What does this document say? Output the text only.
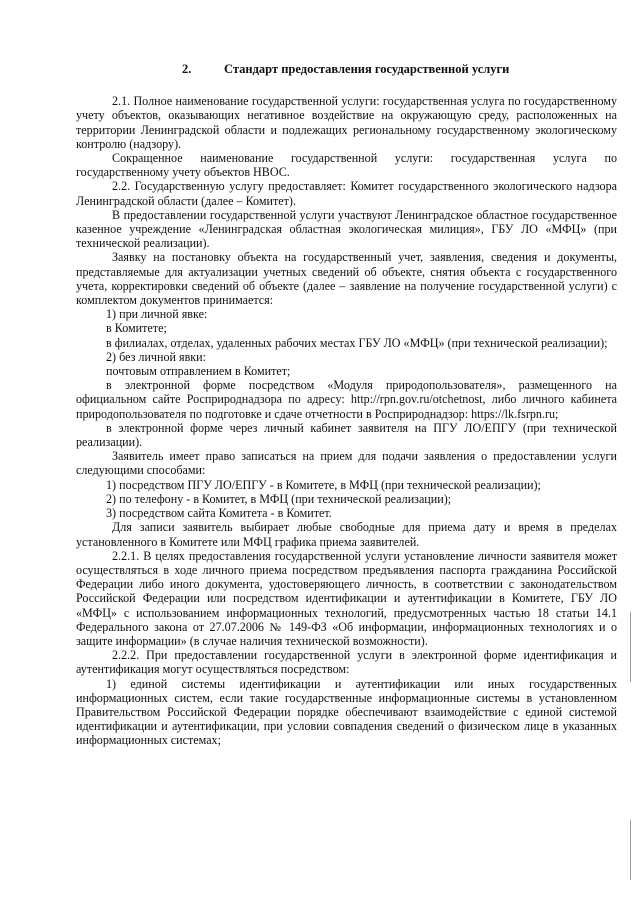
2.	Стандарт предоставления государственной услуги

2.1. Полное наименование государственной услуги: государственная услуга по государственному учету объектов, оказывающих негативное воздействие на окружающую среду, расположенных на территории Ленинградской области и подлежащих региональному государственному экологическому контролю (надзору).

Сокращенное наименование государственной услуги: государственная услуга по государственному учету объектов НВОС.

2.2. Государственную услугу предоставляет: Комитет государственного экологического надзора Ленинградской области (далее – Комитет).

В предоставлении государственной услуги участвуют Ленинградское областное государственное казенное учреждение «Ленинградская областная экологическая милиция», ГБУ ЛО «МФЦ» (при технической реализации).

Заявку на постановку объекта на государственный учет, заявления, сведения и документы, представляемые для актуализации учетных сведений об объекте, снятия объекта с государственного учета, корректировки сведений об объекте (далее – заявление на получение государственной услуги) с комплектом документов принимается:

1) при личной явке:

в Комитете;

в филиалах, отделах, удаленных рабочих местах ГБУ ЛО «МФЦ» (при технической реализации);

2) без личной явки:

почтовым отправлением в Комитет;

в электронной форме посредством «Модуля природопользователя», размещенного на официальном сайте Росприроднадзора по адресу: http://rpn.gov.ru/otchetnost, либо личного кабинета природопользователя по подготовке и сдаче отчетности в Росприроднадзор: https://lk.fsrpn.ru;

в электронной форме через личный кабинет заявителя на ПГУ ЛО/ЕПГУ (при технической реализации).

Заявитель имеет право записаться на прием для подачи заявления о предоставлении услуги следующими способами:

1) посредством ПГУ ЛО/ЕПГУ - в Комитете, в МФЦ (при технической реализации);

2) по телефону - в Комитет, в МФЦ (при технической реализации);

3) посредством сайта Комитета - в Комитет.

Для записи заявитель выбирает любые свободные для приема дату и время в пределах установленного в Комитете или МФЦ графика приема заявителей.

2.2.1. В целях предоставления государственной услуги установление личности заявителя может осуществляться в ходе личного приема посредством предъявления паспорта гражданина Российской Федерации либо иного документа, удостоверяющего личность, в соответствии с законодательством Российской Федерации или посредством идентификации и аутентификации в Комитете, ГБУ ЛО «МФЦ» с использованием информационных технологий, предусмотренных частью 18 статьи 14.1 Федерального закона от 27.07.2006 № 149-ФЗ «Об информации, информационных технологиях и о защите информации» (в случае наличия технической возможности).

2.2.2. При предоставлении государственной услуги в электронной форме идентификация и аутентификация могут осуществляться посредством:

1) единой системы идентификации и аутентификации или иных государственных информационных систем, если такие государственные информационные системы в установленном Правительством Российской Федерации порядке обеспечивают взаимодействие с единой системой идентификации и аутентификации, при условии совпадения сведений о физическом лице в указанных информационных системах;
